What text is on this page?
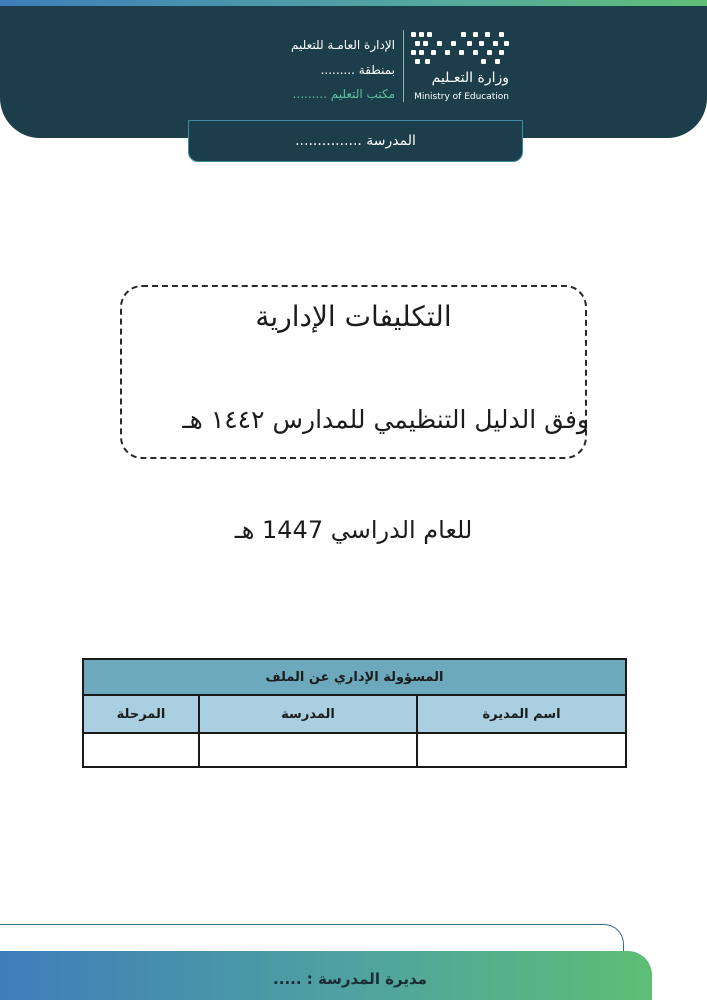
وزارة التعـليم
Ministry of Education
الإدارة العامـة للتعليم
بمنطقة .........
مكتب التعليم .........
المدرسة ...............
التكليفات الإدارية
وفق الدليل التنظيمي للمدارس ١٤٤٢ هـ
للعام الدراسي 1447 هـ
المسؤولة الإداري عن الملف		
اسم المديرة	المدرسة	المرحلة

مديرة المدرسة : .....
